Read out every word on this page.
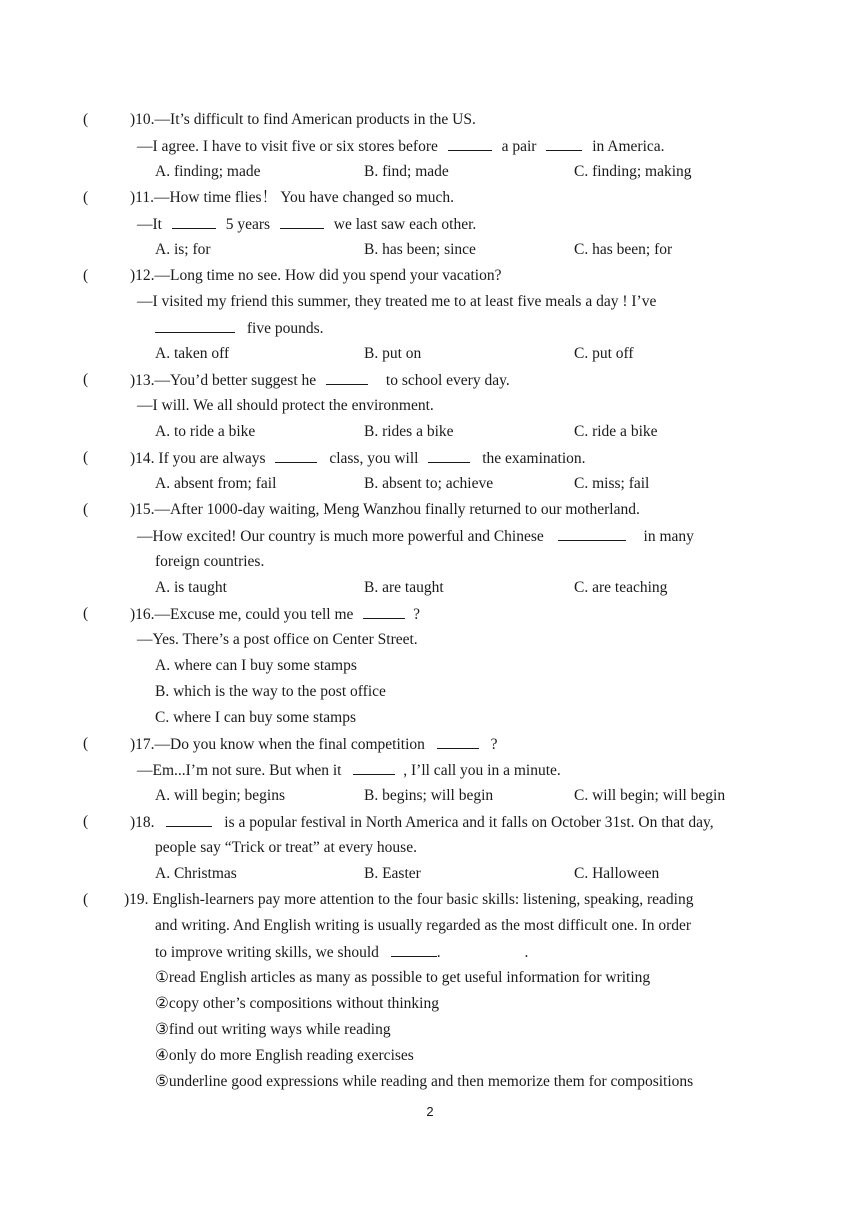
(	)10.—It’s difficult to find American products in the US.
—I agree. I have to visit five or six stores before	a pair	in America.
A. finding; made	B. find; made	C. finding; making
(	)11.—How time flies！ You have changed so much.
—It	5 years	we last saw each other.
A. is; for	B. has been; since	C. has been; for
(	)12.—Long time no see. How did you spend your vacation?
—I visited my friend this summer, they treated me to at least five meals a day ! I’ve
five pounds.
A. taken off	B. put on	C. put off
(	)13.—You’d better suggest he	to school every day.
—I will. We all should protect the environment.
A. to ride a bike	B. rides a bike	C. ride a bike
(	)14. If you are always	class, you will	the examination.
A. absent from; fail	B. absent to; achieve	C. miss; fail
(	)15.—After 1000-day waiting, Meng Wanzhou finally returned to our motherland.
—How excited! Our country is much more powerful and Chinese	in many
foreign countries.
A. is taught	B. are taught	C. are teaching
(	)16.—Excuse me, could you tell me	?
—Yes. There’s a post office on Center Street.
A. where can I buy some stamps
B. which is the way to the post office
C. where I can buy some stamps
(	)17.—Do you know when the final competition	?
—Em...I’m not sure. But when it	, I’ll call you in a minute.
A. will begin; begins	B. begins; will begin	C. will begin; will begin
(	)18.	is a popular festival in North America and it falls on October 31st. On that day,
people say “Trick or treat” at every house.
A. Christmas	B. Easter	C. Halloween
( )19. English-learners pay more attention to the four basic skills: listening, speaking, reading
and writing. And English writing is usually regarded as the most difficult one. In order
to improve writing skills, we should	.	.
①read English articles as many as possible to get useful information for writing
②copy other’s compositions without thinking
③find out writing ways while reading
④only do more English reading exercises
⑤underline good expressions while reading and then memorize them for compositions
2
